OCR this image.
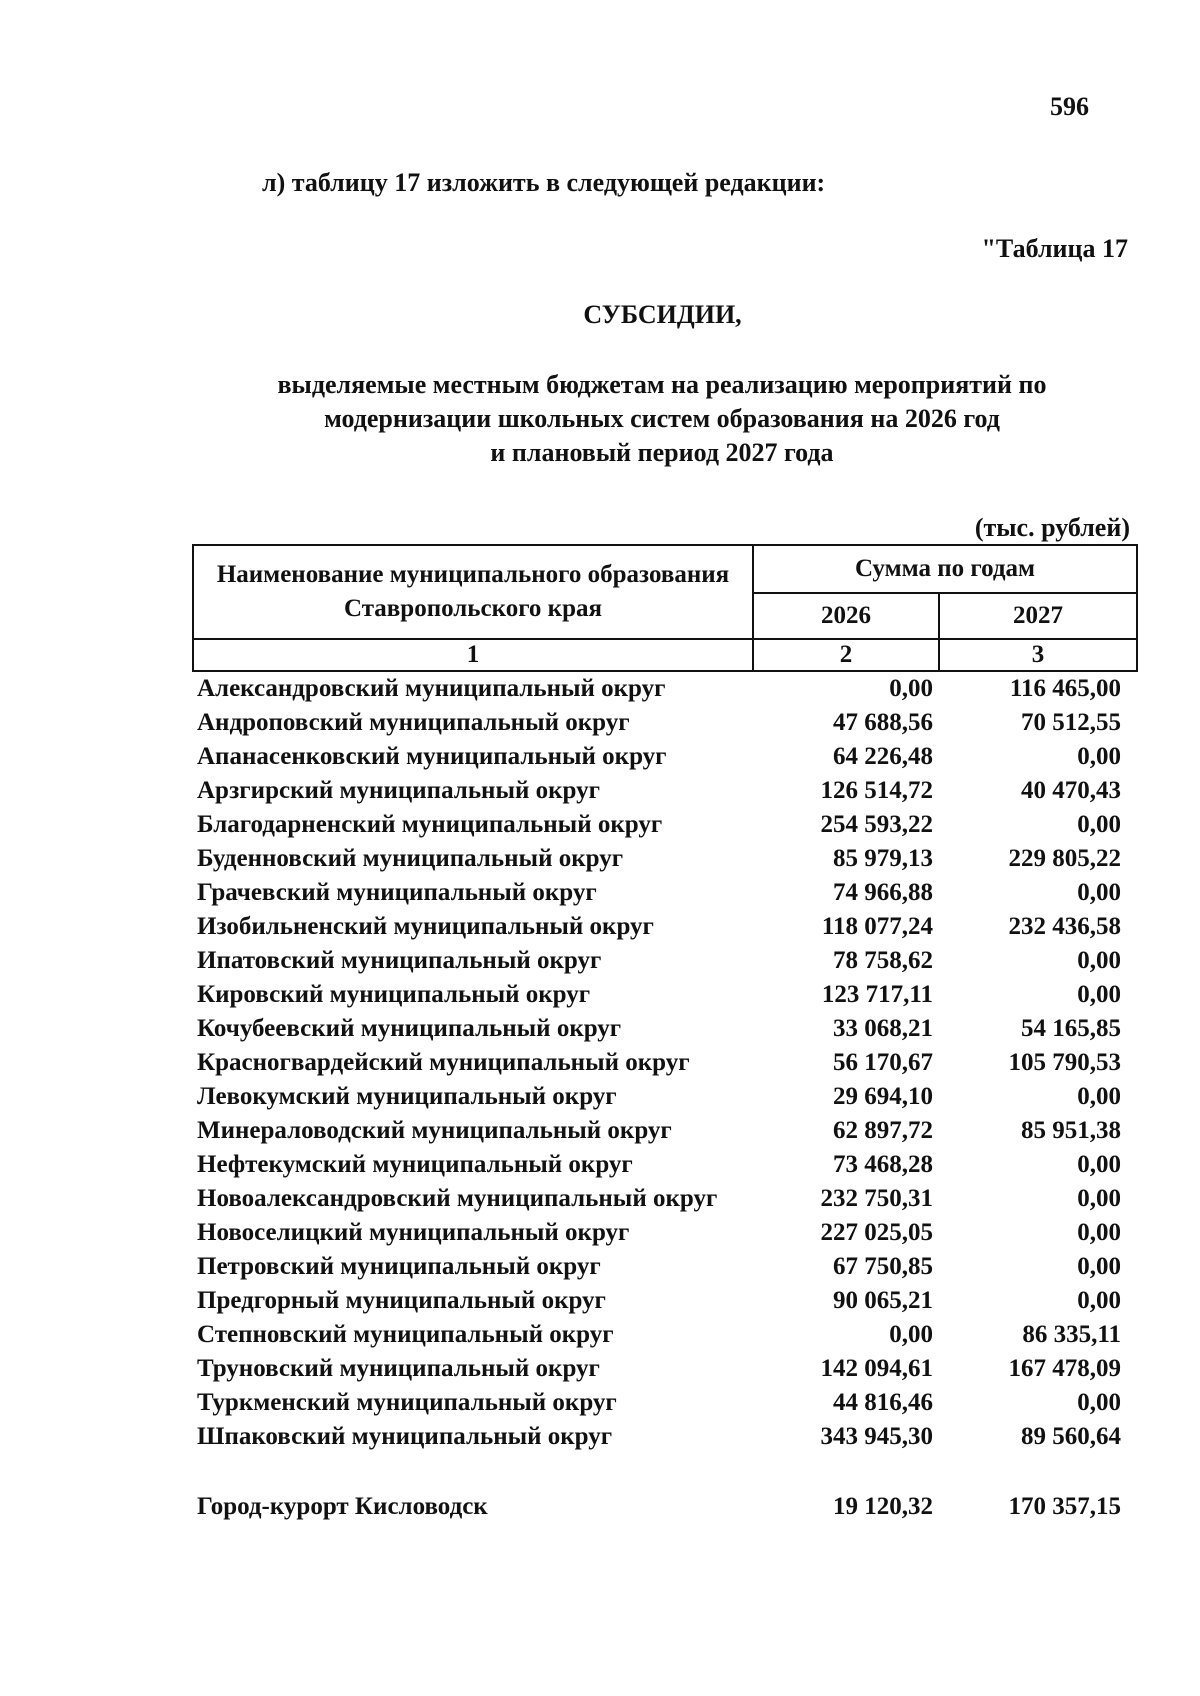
596
л) таблицу 17 изложить в следующей редакции:
"Таблица 17
СУБСИДИИ,
выделяемые местным бюджетам на реализацию мероприятий по
модернизации школьных систем образования на 2026 год
и плановый период 2027 года
(тыс. рублей)
Наименование муниципального образования Ставропольского края	Сумма по годам	
	2026	2027
1	2	3
Александровский муниципальный округ	0,00	116 465,00
Андроповский муниципальный округ	47 688,56	70 512,55
Апанасенковский муниципальный округ	64 226,48	0,00
Арзгирский муниципальный округ	126 514,72	40 470,43
Благодарненский муниципальный округ	254 593,22	0,00
Буденновский муниципальный округ	85 979,13	229 805,22
Грачевский муниципальный округ	74 966,88	0,00
Изобильненский муниципальный округ	118 077,24	232 436,58
Ипатовский муниципальный округ	78 758,62	0,00
Кировский муниципальный округ	123 717,11	0,00
Кочубеевский муниципальный округ	33 068,21	54 165,85
Красногвардейский муниципальный округ	56 170,67	105 790,53
Левокумский муниципальный округ	29 694,10	0,00
Минераловодский муниципальный округ	62 897,72	85 951,38
Нефтекумский муниципальный округ	73 468,28	0,00
Новоалександровский муниципальный округ	232 750,31	0,00
Новоселицкий муниципальный округ	227 025,05	0,00
Петровский муниципальный округ	67 750,85	0,00
Предгорный муниципальный округ	90 065,21	0,00
Степновский муниципальный округ	0,00	86 335,11
Труновский муниципальный округ	142 094,61	167 478,09
Туркменский муниципальный округ	44 816,46	0,00
Шпаковский муниципальный округ	343 945,30	89 560,64

Город-курорт Кисловодск	19 120,32	170 357,15
